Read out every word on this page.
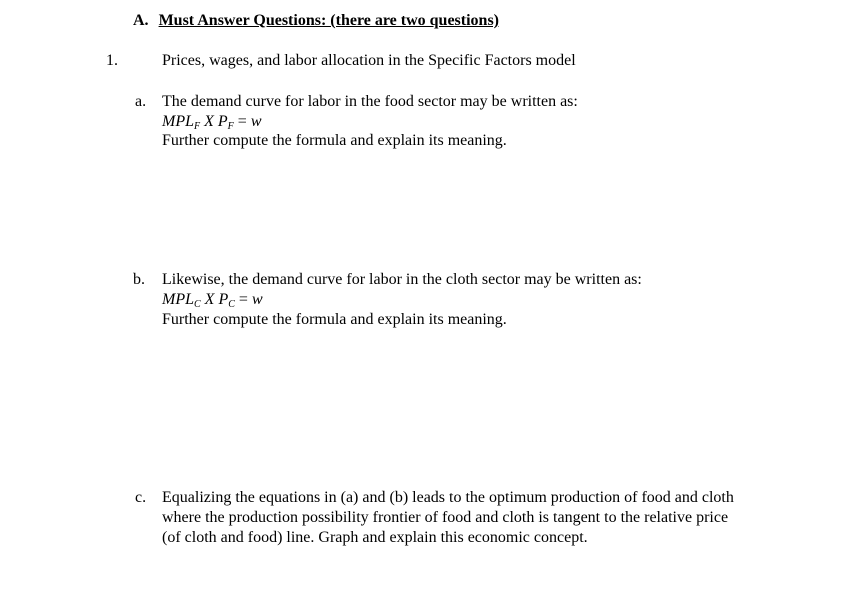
A. Must Answer Questions: (there are two questions)
1.	Prices, wages, and labor allocation in the Specific Factors model
a. The demand curve for labor in the food sector may be written as:
$MPL_F$ X $P_F = w$
Further compute the formula and explain its meaning.
b. Likewise, the demand curve for labor in the cloth sector may be written as:
$MPL_C$ X $P_C = w$
Further compute the formula and explain its meaning.
c. Equalizing the equations in (a) and (b) leads to the optimum production of food and cloth
where the production possibility frontier of food and cloth is tangent to the relative price
(of cloth and food) line. Graph and explain this economic concept.
